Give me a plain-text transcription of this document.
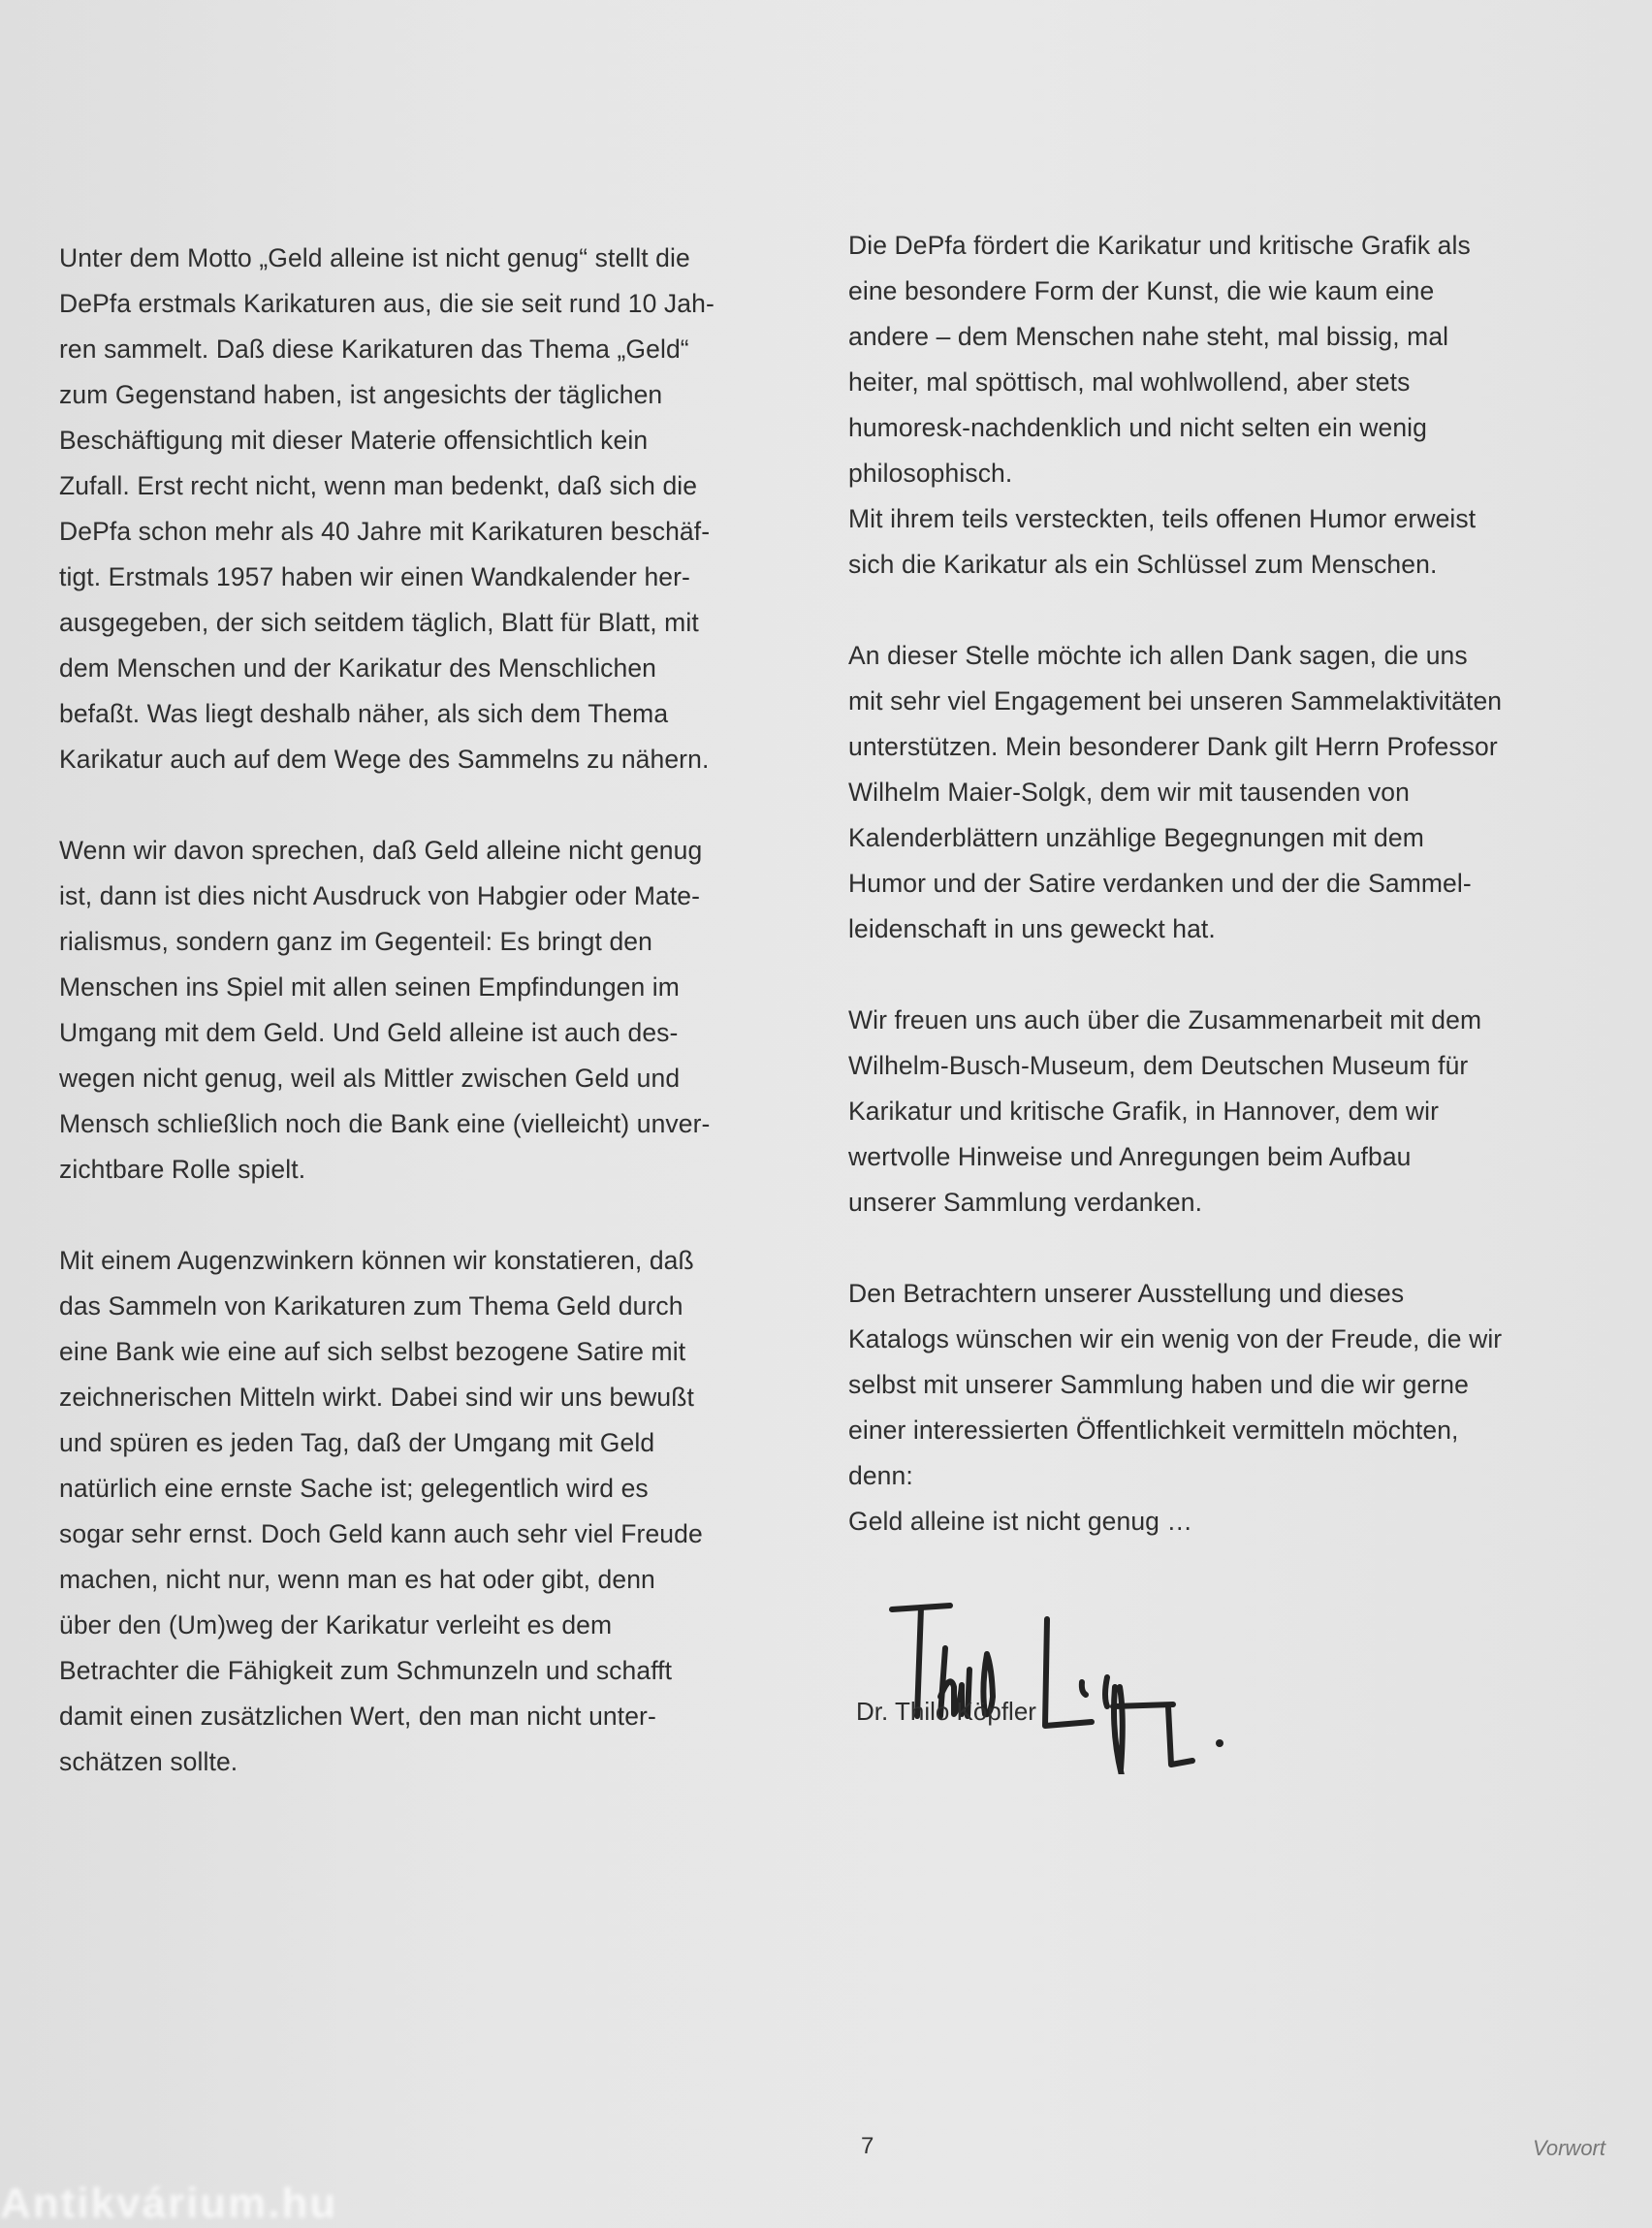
Unter dem Motto „Geld alleine ist nicht genug“ stellt die
DePfa erstmals Karikaturen aus, die sie seit rund 10 Jah-
ren sammelt. Daß diese Karikaturen das Thema „Geld“
zum Gegenstand haben, ist angesichts der täglichen
Beschäftigung mit dieser Materie offensichtlich kein
Zufall. Erst recht nicht, wenn man bedenkt, daß sich die
DePfa schon mehr als 40 Jahre mit Karikaturen beschäf-
tigt. Erstmals 1957 haben wir einen Wandkalender her-
ausgegeben, der sich seitdem täglich, Blatt für Blatt, mit
dem Menschen und der Karikatur des Menschlichen
befaßt. Was liegt deshalb näher, als sich dem Thema
Karikatur auch auf dem Wege des Sammelns zu nähern.
Wenn wir davon sprechen, daß Geld alleine nicht genug
ist, dann ist dies nicht Ausdruck von Habgier oder Mate-
rialismus, sondern ganz im Gegenteil: Es bringt den
Menschen ins Spiel mit allen seinen Empfindungen im
Umgang mit dem Geld. Und Geld alleine ist auch des-
wegen nicht genug, weil als Mittler zwischen Geld und
Mensch schließlich noch die Bank eine (vielleicht) unver-
zichtbare Rolle spielt.
Mit einem Augenzwinkern können wir konstatieren, daß
das Sammeln von Karikaturen zum Thema Geld durch
eine Bank wie eine auf sich selbst bezogene Satire mit
zeichnerischen Mitteln wirkt. Dabei sind wir uns bewußt
und spüren es jeden Tag, daß der Umgang mit Geld
natürlich eine ernste Sache ist; gelegentlich wird es
sogar sehr ernst. Doch Geld kann auch sehr viel Freude
machen, nicht nur, wenn man es hat oder gibt, denn
über den (Um)weg der Karikatur verleiht es dem
Betrachter die Fähigkeit zum Schmunzeln und schafft
damit einen zusätzlichen Wert, den man nicht unter-
schätzen sollte.
Die DePfa fördert die Karikatur und kritische Grafik als
eine besondere Form der Kunst, die wie kaum eine
andere – dem Menschen nahe steht, mal bissig, mal
heiter, mal spöttisch, mal wohlwollend, aber stets
humoresk-nachdenklich und nicht selten ein wenig
philosophisch.
Mit ihrem teils versteckten, teils offenen Humor erweist
sich die Karikatur als ein Schlüssel zum Menschen.
An dieser Stelle möchte ich allen Dank sagen, die uns
mit sehr viel Engagement bei unseren Sammelaktivitäten
unterstützen. Mein besonderer Dank gilt Herrn Professor
Wilhelm Maier-Solgk, dem wir mit tausenden von
Kalenderblättern unzählige Begegnungen mit dem
Humor und der Satire verdanken und der die Sammel-
leidenschaft in uns geweckt hat.
Wir freuen uns auch über die Zusammenarbeit mit dem
Wilhelm-Busch-Museum, dem Deutschen Museum für
Karikatur und kritische Grafik, in Hannover, dem wir
wertvolle Hinweise und Anregungen beim Aufbau
unserer Sammlung verdanken.
Den Betrachtern unserer Ausstellung und dieses
Katalogs wünschen wir ein wenig von der Freude, die wir
selbst mit unserer Sammlung haben und die wir gerne
einer interessierten Öffentlichkeit vermitteln möchten,
denn:
Geld alleine ist nicht genug …
Dr. Thilo Köpfler
7	Vorwort
Antikvárium.hu
